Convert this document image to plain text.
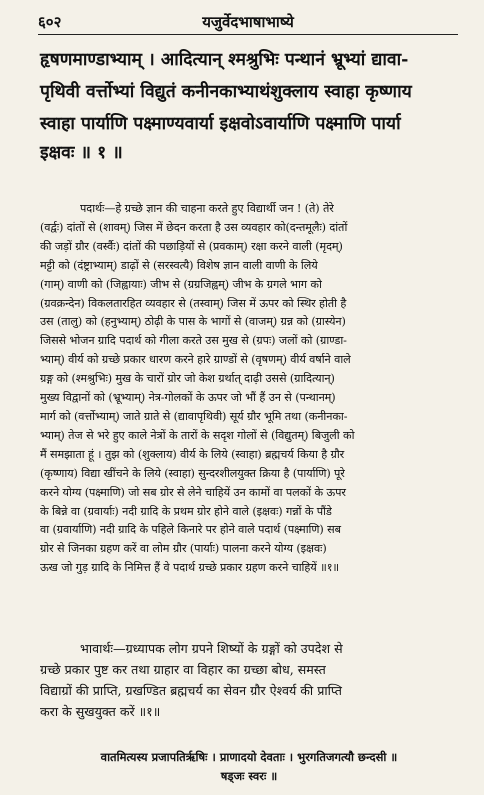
६०२	यजुर्वेदभाषाभाष्ये
हृषणमाण्डाभ्याम् । आदित्यान् श्मश्रुभिः पन्थानं भ्रूभ्यां द्यावा-
पृथिवी वर्त्तोभ्यां विद्युतं कनीनकाभ्याथंशुक्लाय स्वाहा कृष्णाय
स्वाहा पार्याणि पक्ष्माण्यवार्या इक्षवोऽवार्याणि पक्ष्माणि पार्या
इक्षवः ॥ १ ॥
पदार्थः—हे ग्रच्छे ज्ञान की चाहना करते हुए विद्यार्थी जन ! (ते) तेरे
(वर्द्वः) दांतों से (शावम्) जिस में छेदन करता है उस व्यवहार को(दन्तमूलैः) दांतों
की जड़ों ग्रौर (वर्स्वैः) दांतों की पछाड़ियों से (प्रवकाम्) रक्षा करने वाली (मृदम्)
मट्टी को (दंष्ट्राभ्याम्) डाढ़ों से (सरस्वत्यै) विशेष ज्ञान वाली वाणी के लिये
(गाम्) वाणी को (जिह्वायाः) जीभ से (ग्रग्रजिह्वम्) जीभ के ग्रगले भाग को
(ग्रवक्रन्देन) विकलतारहित व्यवहार से (तस्वाम्) जिस में ऊपर को स्थिर होती है
उस (तालु) को (हनुभ्याम्) ठोढ़ी के पास के भागों से (वाजम्) ग्रन्न को (ग्रास्येन)
जिससे भोजन ग्रादि पदार्थ को गीला करते उस मुख से (ग्रपः) जलों को (ग्राण्डा-
भ्याम्) वीर्य को ग्रच्छे प्रकार धारण करने हारे ग्राण्डों से (वृषणम्) वीर्य वर्षाने वाले
ग्रङ्ग को (श्मश्रुभिः) मुख के चारों ग्रोर जो केश ग्रर्थात् दाढ़ी उससे (ग्रादित्यान्)
मुख्य विद्वानों को (भ्रूभ्याम्) नेत्र-गोलकों के ऊपर जो भौं हैं उन से (पन्थानम्)
मार्ग को (वर्त्तोभ्याम्) जाते ग्राते से (द्यावापृथिवी) सूर्य ग्रौर भूमि तथा (कनीनका-
भ्याम्) तेज से भरे हुए काले नेत्रों के तारों के सदृश गोलों से (विद्युतम्) बिजुली को
मैं समझाता हूं । तुझ को (शुक्लाय) वीर्य के लिये (स्वाहा) ब्रह्मचर्य किया है ग्रौर
(कृष्णाय) विद्या खींचने के लिये (स्वाहा) सुन्दरशीलयुक्त क्रिया है (पार्याणि) पूरे
करने योग्य (पक्ष्माणि) जो सब ग्रोर से लेने चाहियें उन कामों वा पलकों के ऊपर
के बिन्ने वा (ग्रवार्याः) नदी ग्रादि के प्रथम ग्रोर होने वाले (इक्षवः) गन्नों के पौंडे
वा (ग्रवार्याणि) नदी ग्रादि के पहिले किनारे पर होने वाले पदार्थ (पक्ष्माणि) सब
ग्रोर से जिनका ग्रहण करें वा लोम ग्रौर (पार्याः) पालना करने योग्य (इक्षवः)
ऊख जो गुड़ ग्रादि के निमित्त हैं वे पदार्थ ग्रच्छे प्रकार ग्रहण करने चाहियें ॥१॥
भावार्थः—ग्रध्यापक लोग ग्रपने शिष्यों के ग्रङ्गों को उपदेश से
ग्रच्छे प्रकार पुष्ट कर तथा ग्राहार वा विहार का ग्रच्छा बोध, समस्त
विद्याग्रों की प्राप्ति, ग्रखण्डित ब्रह्मचर्य का सेवन ग्रौर ऐश्वर्य की प्राप्ति
करा के सुखयुक्त करें ॥१॥
वातमित्यस्य प्रजापतिर्ऋषिः । प्राणादयो देवताः । भुरगतिजगत्यौ छन्दसी ॥
षड्जः स्वरः ॥
